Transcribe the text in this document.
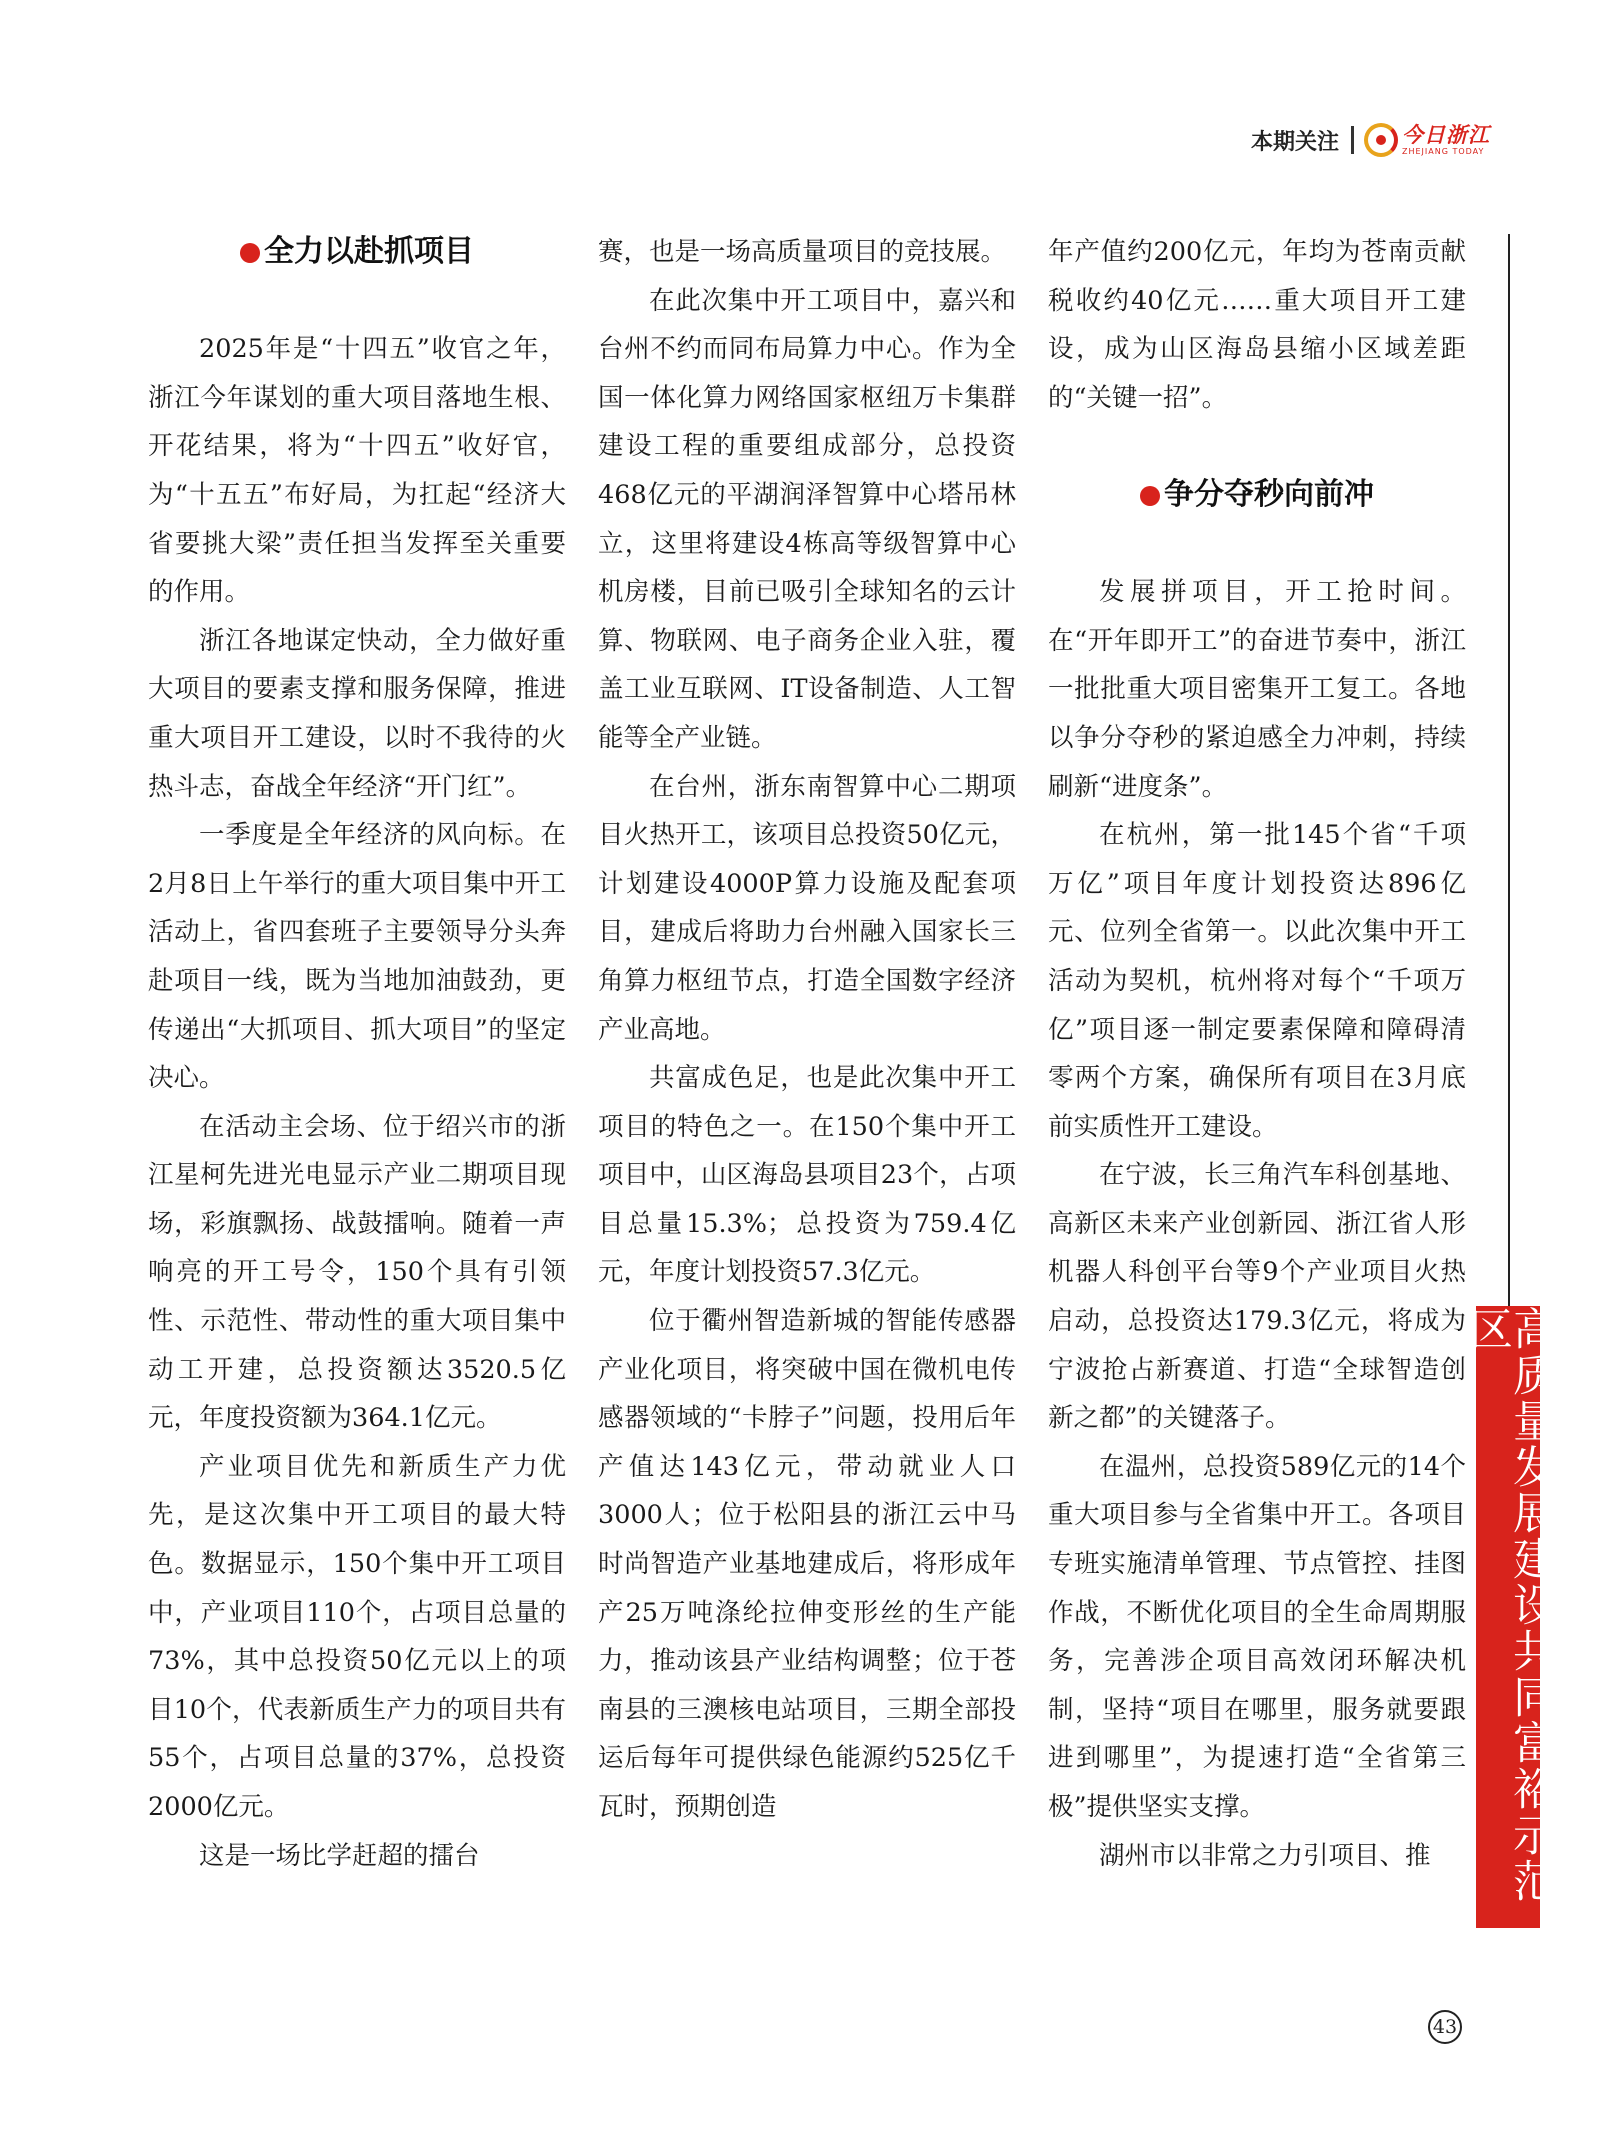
本期关注	今日浙江
ZHEJIANG TODAY
全力以赴抓项目

2025年是“十四五”收官之年，浙江今年谋划的重大项目落地生根、开花结果，将为“十四五”收好官，为“十五五”布好局，为扛起“经济大省要挑大梁”责任担当发挥至关重要的作用。

浙江各地谋定快动，全力做好重大项目的要素支撑和服务保障，推进重大项目开工建设，以时不我待的火热斗志，奋战全年经济“开门红”。

一季度是全年经济的风向标。在2月8日上午举行的重大项目集中开工活动上，省四套班子主要领导分头奔赴项目一线，既为当地加油鼓劲，更传递出“大抓项目、抓大项目”的坚定决心。

在活动主会场、位于绍兴市的浙江星柯先进光电显示产业二期项目现场，彩旗飘扬、战鼓擂响。随着一声响亮的开工号令，150个具有引领性、示范性、带动性的重大项目集中动工开建，总投资额达3520.5亿元，年度投资额为364.1亿元。

产业项目优先和新质生产力优先，是这次集中开工项目的最大特色。数据显示，150个集中开工项目中，产业项目110个，占项目总量的73%，其中总投资50亿元以上的项目10个，代表新质生产力的项目共有55个，占项目总量的37%，总投资2000亿元。

这是一场比学赶超的擂台

赛，也是一场高质量项目的竞技展。

在此次集中开工项目中，嘉兴和台州不约而同布局算力中心。作为全国一体化算力网络国家枢纽万卡集群建设工程的重要组成部分，总投资468亿元的平湖润泽智算中心塔吊林立，这里将建设4栋高等级智算中心机房楼，目前已吸引全球知名的云计算、物联网、电子商务企业入驻，覆盖工业互联网、IT设备制造、人工智能等全产业链。

在台州，浙东南智算中心二期项目火热开工，该项目总投资50亿元，计划建设4000P算力设施及配套项目，建成后将助力台州融入国家长三角算力枢纽节点，打造全国数字经济产业高地。

共富成色足，也是此次集中开工项目的特色之一。在150个集中开工项目中，山区海岛县项目23个，占项目总量15.3%；总投资为759.4亿元，年度计划投资57.3亿元。

位于衢州智造新城的智能传感器产业化项目，将突破中国在微机电传感器领域的“卡脖子”问题，投用后年产值达143亿元，带动就业人口3000人；位于松阳县的浙江云中马时尚智造产业基地建成后，将形成年产25万吨涤纶拉伸变形丝的生产能力，推动该县产业结构调整；位于苍南县的三澳核电站项目，三期全部投运后每年可提供绿色能源约525亿千瓦时，预期创造

年产值约200亿元，年均为苍南贡献税收约40亿元……重大项目开工建设，成为山区海岛县缩小区域差距的“关键一招”。

争分夺秒向前冲

发展拼项目，开工抢时间。在“开年即开工”的奋进节奏中，浙江一批批重大项目密集开工复工。各地以争分夺秒的紧迫感全力冲刺，持续刷新“进度条”。

在杭州，第一批145个省“千项万亿”项目年度计划投资达896亿元、位列全省第一。以此次集中开工活动为契机，杭州将对每个“千项万亿”项目逐一制定要素保障和障碍清零两个方案，确保所有项目在3月底前实质性开工建设。

在宁波，长三角汽车科创基地、高新区未来产业创新园、浙江省人形机器人科创平台等9个产业项目火热启动，总投资达179.3亿元，将成为宁波抢占新赛道、打造“全球智造创新之都”的关键落子。

在温州，总投资589亿元的14个重大项目参与全省集中开工。各项目专班实施清单管理、节点管控、挂图作战，不断优化项目的全生命周期服务，完善涉企项目高效闭环解决机制，坚持“项目在哪里，服务就要跟进到哪里”，为提速打造“全省第三极”提供坚实支撑。

湖州市以非常之力引项目、推	高质量发展建设共同富裕示范区
43
